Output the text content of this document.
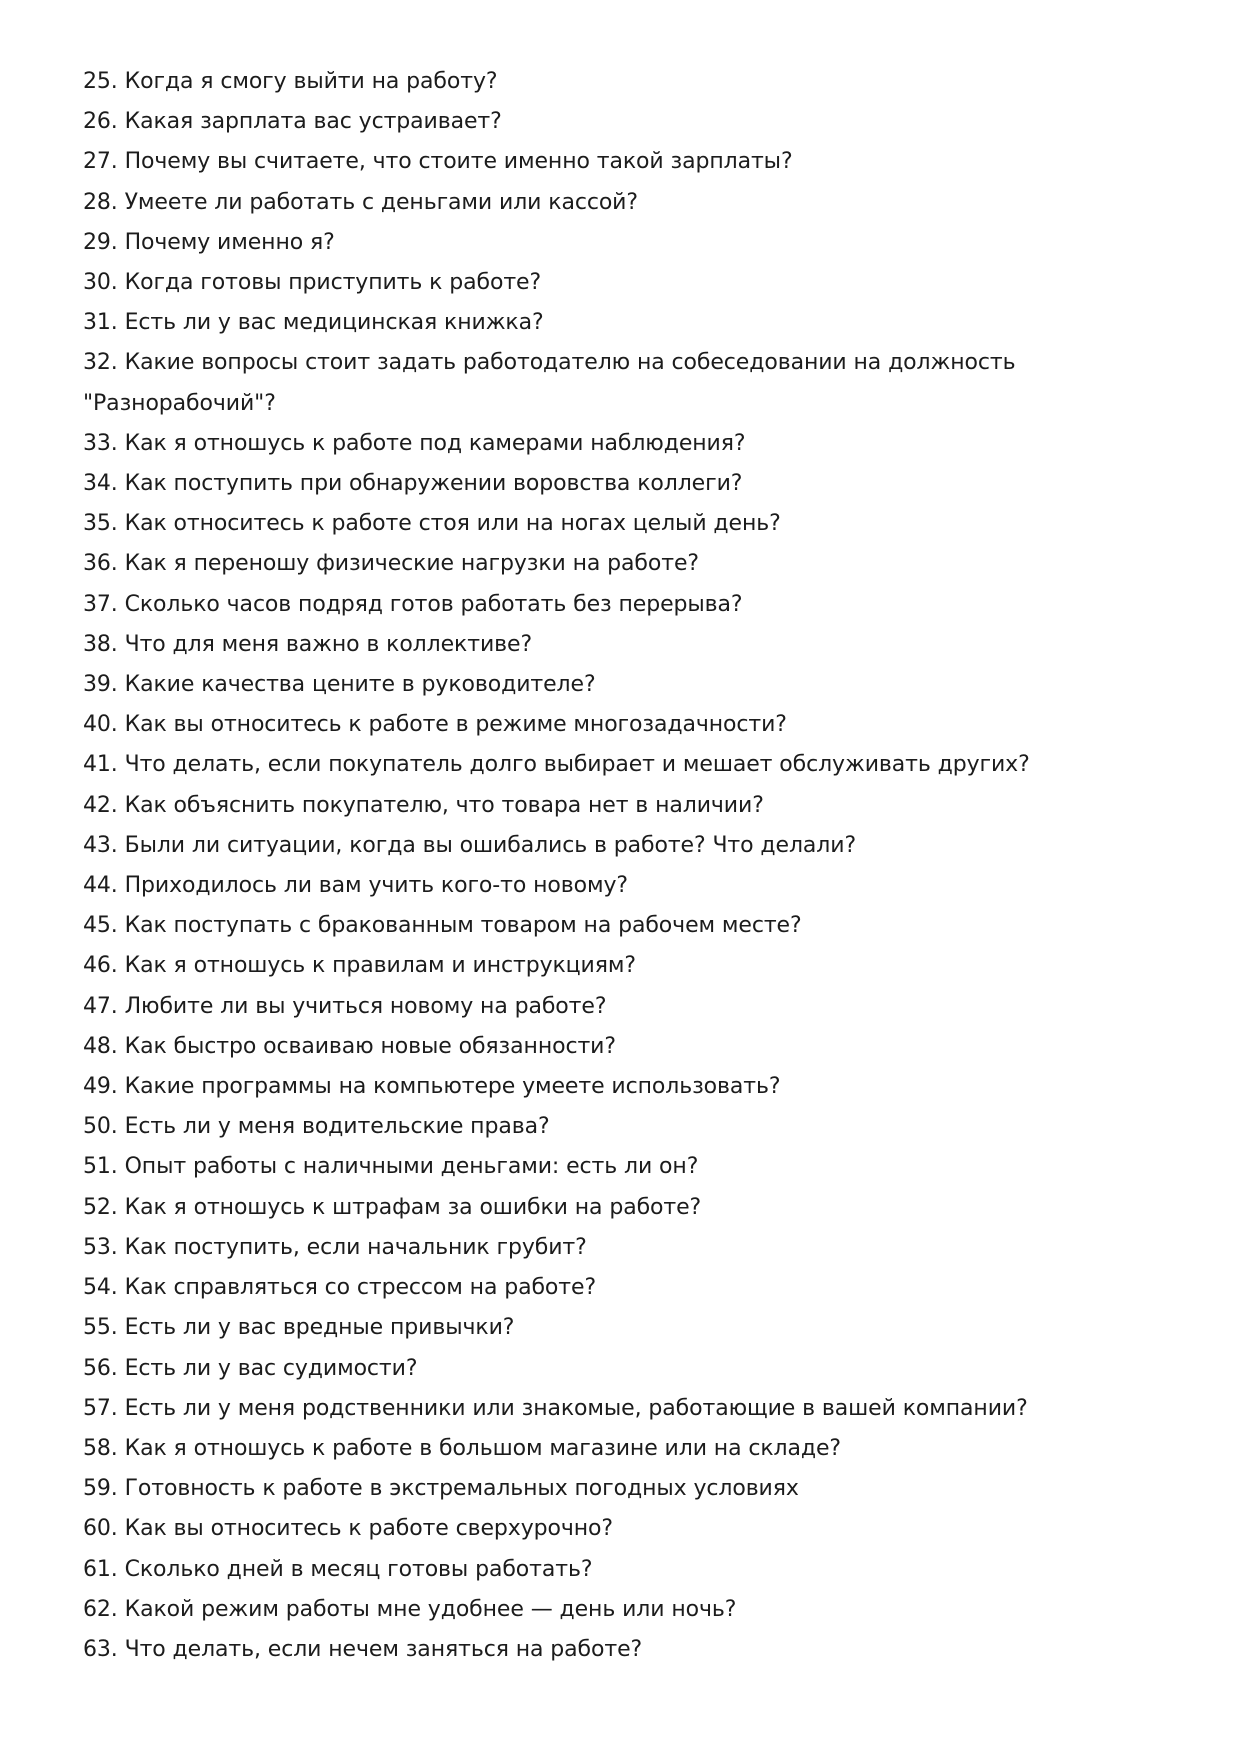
25. Когда я смогу выйти на работу?
26. Какая зарплата вас устраивает?
27. Почему вы считаете, что стоите именно такой зарплаты?
28. Умеете ли работать с деньгами или кассой?
29. Почему именно я?
30. Когда готовы приступить к работе?
31. Есть ли у вас медицинская книжка?
32. Какие вопросы стоит задать работодателю на собеседовании на должность "Разнорабочий"?
33. Как я отношусь к работе под камерами наблюдения?
34. Как поступить при обнаружении воровства коллеги?
35. Как относитесь к работе стоя или на ногах целый день?
36. Как я переношу физические нагрузки на работе?
37. Сколько часов подряд готов работать без перерыва?
38. Что для меня важно в коллективе?
39. Какие качества цените в руководителе?
40. Как вы относитесь к работе в режиме многозадачности?
41. Что делать, если покупатель долго выбирает и мешает обслуживать других?
42. Как объяснить покупателю, что товара нет в наличии?
43. Были ли ситуации, когда вы ошибались в работе? Что делали?
44. Приходилось ли вам учить кого-то новому?
45. Как поступать с бракованным товаром на рабочем месте?
46. Как я отношусь к правилам и инструкциям?
47. Любите ли вы учиться новому на работе?
48. Как быстро осваиваю новые обязанности?
49. Какие программы на компьютере умеете использовать?
50. Есть ли у меня водительские права?
51. Опыт работы с наличными деньгами: есть ли он?
52. Как я отношусь к штрафам за ошибки на работе?
53. Как поступить, если начальник грубит?
54. Как справляться со стрессом на работе?
55. Есть ли у вас вредные привычки?
56. Есть ли у вас судимости?
57. Есть ли у меня родственники или знакомые, работающие в вашей компании?
58. Как я отношусь к работе в большом магазине или на складе?
59. Готовность к работе в экстремальных погодных условиях
60. Как вы относитесь к работе сверхурочно?
61. Сколько дней в месяц готовы работать?
62. Какой режим работы мне удобнее — день или ночь?
63. Что делать, если нечем заняться на работе?
